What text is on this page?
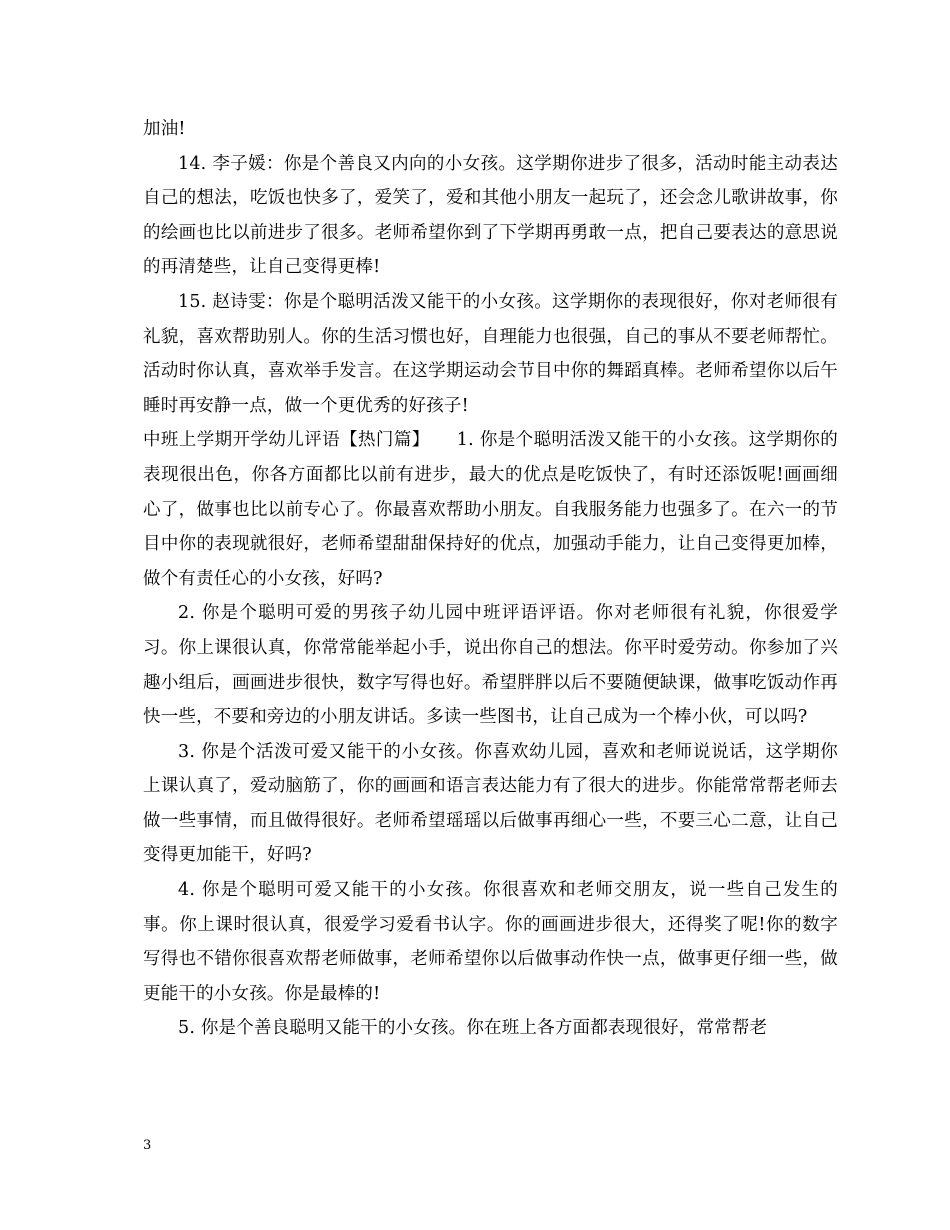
加油!

14. 李子媛：你是个善良又内向的小女孩。这学期你进步了很多，活动时能主动表达自己的想法，吃饭也快多了，爱笑了，爱和其他小朋友一起玩了，还会念儿歌讲故事，你的绘画也比以前进步了很多。老师希望你到了下学期再勇敢一点，把自己要表达的意思说的再清楚些，让自己变得更棒!

15. 赵诗雯：你是个聪明活泼又能干的小女孩。这学期你的表现很好，你对老师很有礼貌，喜欢帮助别人。你的生活习惯也好，自理能力也很强，自己的事从不要老师帮忙。活动时你认真，喜欢举手发言。在这学期运动会节目中你的舞蹈真棒。老师希望你以后午睡时再安静一点，做一个更优秀的好孩子!

中班上学期开学幼儿评语【热门篇】　　1. 你是个聪明活泼又能干的小女孩。这学期你的表现很出色，你各方面都比以前有进步，最大的优点是吃饭快了，有时还添饭呢!画画细心了，做事也比以前专心了。你最喜欢帮助小朋友。自我服务能力也强多了。在六一的节目中你的表现就很好，老师希望甜甜保持好的优点，加强动手能力，让自己变得更加棒，做个有责任心的小女孩，好吗?

2. 你是个聪明可爱的男孩子幼儿园中班评语评语。你对老师很有礼貌，你很爱学习。你上课很认真，你常常能举起小手，说出你自己的想法。你平时爱劳动。你参加了兴趣小组后，画画进步很快，数字写得也好。希望胖胖以后不要随便缺课，做事吃饭动作再快一些，不要和旁边的小朋友讲话。多读一些图书，让自己成为一个棒小伙，可以吗?

3. 你是个活泼可爱又能干的小女孩。你喜欢幼儿园，喜欢和老师说说话，这学期你上课认真了，爱动脑筋了，你的画画和语言表达能力有了很大的进步。你能常常帮老师去做一些事情，而且做得很好。老师希望瑶瑶以后做事再细心一些，不要三心二意，让自己变得更加能干，好吗?

4. 你是个聪明可爱又能干的小女孩。你很喜欢和老师交朋友，说一些自己发生的事。你上课时很认真，很爱学习爱看书认字。你的画画进步很大，还得奖了呢!你的数字写得也不错你很喜欢帮老师做事，老师希望你以后做事动作快一点，做事更仔细一些，做更能干的小女孩。你是最棒的!

5. 你是个善良聪明又能干的小女孩。你在班上各方面都表现很好，常常帮老

3
